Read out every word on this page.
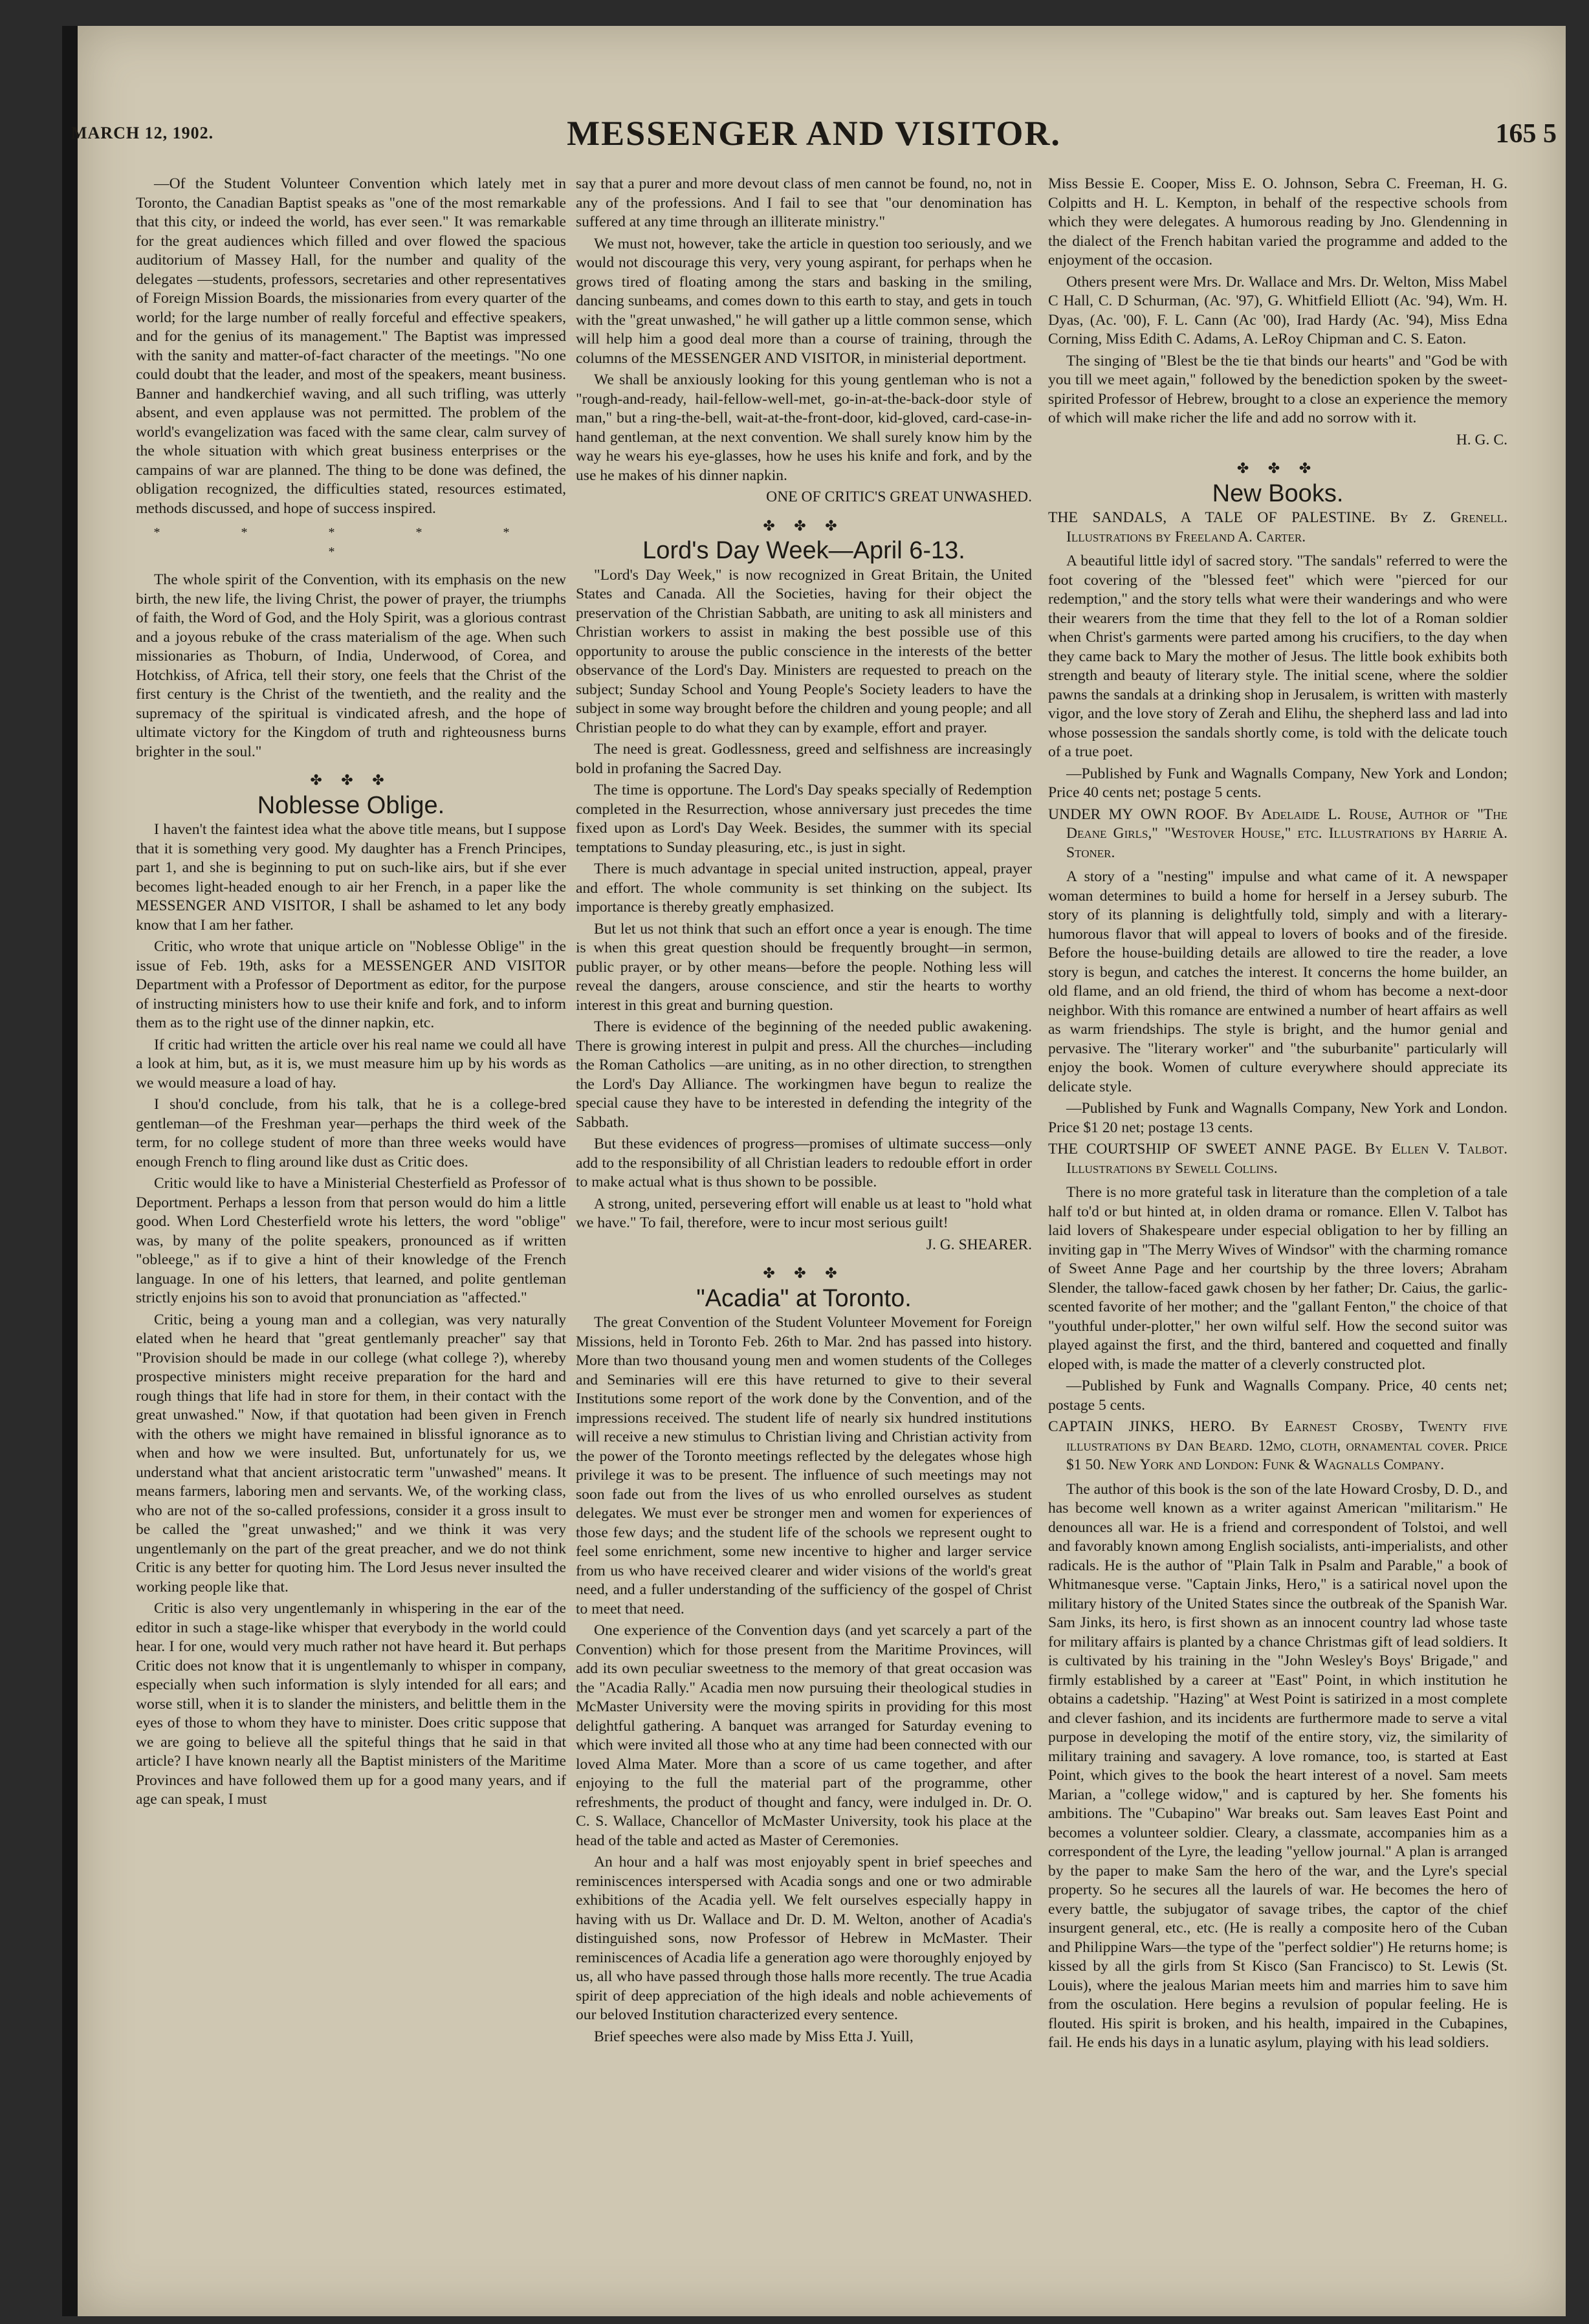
MARCH 12, 1902.	MESSENGER AND VISITOR.	165 5

—Of the Student Volunteer Convention which lately met in Toronto, the Canadian Baptist speaks as "one of the most remarkable that this city, or indeed the world, has ever seen." It was remarkable for the great audiences which filled and over flowed the spacious auditorium of Massey Hall, for the number and quality of the delegates —students, professors, secretaries and other representatives of Foreign Mission Boards, the missionaries from every quarter of the world; for the large number of really forceful and effective speakers, and for the genius of its management." The Baptist was impressed with the sanity and matter-of-fact character of the meetings. "No one could doubt that the leader, and most of the speakers, meant business. Banner and handkerchief waving, and all such trifling, was utterly absent, and even applause was not permitted. The problem of the world's evangelization was faced with the same clear, calm survey of the whole situation with which great business enterprises or the campains of war are planned. The thing to be done was defined, the obligation recognized, the difficulties stated, resources estimated, methods discussed, and hope of success inspired.

* * * * * *

The whole spirit of the Convention, with its emphasis on the new birth, the new life, the living Christ, the power of prayer, the triumphs of faith, the Word of God, and the Holy Spirit, was a glorious contrast and a joyous rebuke of the crass materialism of the age. When such missionaries as Thoburn, of India, Underwood, of Corea, and Hotchkiss, of Africa, tell their story, one feels that the Christ of the first century is the Christ of the twentieth, and the reality and the supremacy of the spiritual is vindicated afresh, and the hope of ultimate victory for the Kingdom of truth and righteousness burns brighter in the soul."

✤ ✤ ✤
Noblesse Oblige.

I haven't the faintest idea what the above title means, but I suppose that it is something very good. My daughter has a French Principes, part 1, and she is beginning to put on such-like airs, but if she ever becomes light-headed enough to air her French, in a paper like the MESSENGER AND VISITOR, I shall be ashamed to let any body know that I am her father.

Critic, who wrote that unique article on "Noblesse Oblige" in the issue of Feb. 19th, asks for a MESSENGER AND VISITOR Department with a Professor of Deportment as editor, for the purpose of instructing ministers how to use their knife and fork, and to inform them as to the right use of the dinner napkin, etc.

If critic had written the article over his real name we could all have a look at him, but, as it is, we must measure him up by his words as we would measure a load of hay.

I shou'd conclude, from his talk, that he is a college-bred gentleman—of the Freshman year—perhaps the third week of the term, for no college student of more than three weeks would have enough French to fling around like dust as Critic does.

Critic would like to have a Ministerial Chesterfield as Professor of Deportment. Perhaps a lesson from that person would do him a little good. When Lord Chesterfield wrote his letters, the word "oblige" was, by many of the polite speakers, pronounced as if written "obleege," as if to give a hint of their knowledge of the French language. In one of his letters, that learned, and polite gentleman strictly enjoins his son to avoid that pronunciation as "affected."

Critic, being a young man and a collegian, was very naturally elated when he heard that "great gentlemanly preacher" say that "Provision should be made in our college (what college ?), whereby prospective ministers might receive preparation for the hard and rough things that life had in store for them, in their contact with the great unwashed." Now, if that quotation had been given in French with the others we might have remained in blissful ignorance as to when and how we were insulted. But, unfortunately for us, we understand what that ancient aristocratic term "unwashed" means. It means farmers, laboring men and servants. We, of the working class, who are not of the so-called professions, consider it a gross insult to be called the "great unwashed;" and we think it was very ungentlemanly on the part of the great preacher, and we do not think Critic is any better for quoting him. The Lord Jesus never insulted the working people like that.

Critic is also very ungentlemanly in whispering in the ear of the editor in such a stage-like whisper that everybody in the world could hear. I for one, would very much rather not have heard it. But perhaps Critic does not know that it is ungentlemanly to whisper in company, especially when such information is slyly intended for all ears; and worse still, when it is to slander the ministers, and belittle them in the eyes of those to whom they have to minister. Does critic suppose that we are going to believe all the spiteful things that he said in that article? I have known nearly all the Baptist ministers of the Maritime Provinces and have followed them up for a good many years, and if age can speak, I must

say that a purer and more devout class of men cannot be found, no, not in any of the professions. And I fail to see that "our denomination has suffered at any time through an illiterate ministry."

We must not, however, take the article in question too seriously, and we would not discourage this very, very young aspirant, for perhaps when he grows tired of floating among the stars and basking in the smiling, dancing sunbeams, and comes down to this earth to stay, and gets in touch with the "great unwashed," he will gather up a little common sense, which will help him a good deal more than a course of training, through the columns of the MESSENGER AND VISITOR, in ministerial deportment.

We shall be anxiously looking for this young gentleman who is not a "rough-and-ready, hail-fellow-well-met, go-in-at-the-back-door style of man," but a ring-the-bell, wait-at-the-front-door, kid-gloved, card-case-in-hand gentleman, at the next convention. We shall surely know him by the way he wears his eye-glasses, how he uses his knife and fork, and by the use he makes of his dinner napkin.

ONE OF CRITIC'S GREAT UNWASHED.

✤ ✤ ✤
Lord's Day Week—April 6-13.

"Lord's Day Week," is now recognized in Great Britain, the United States and Canada. All the Societies, having for their object the preservation of the Christian Sabbath, are uniting to ask all ministers and Christian workers to assist in making the best possible use of this opportunity to arouse the public conscience in the interests of the better observance of the Lord's Day. Ministers are requested to preach on the subject; Sunday School and Young People's Society leaders to have the subject in some way brought before the children and young people; and all Christian people to do what they can by example, effort and prayer.

The need is great. Godlessness, greed and selfishness are increasingly bold in profaning the Sacred Day.

The time is opportune. The Lord's Day speaks specially of Redemption completed in the Resurrection, whose anniversary just precedes the time fixed upon as Lord's Day Week. Besides, the summer with its special temptations to Sunday pleasuring, etc., is just in sight.

There is much advantage in special united instruction, appeal, prayer and effort. The whole community is set thinking on the subject. Its importance is thereby greatly emphasized.

But let us not think that such an effort once a year is enough. The time is when this great question should be frequently brought—in sermon, public prayer, or by other means—before the people. Nothing less will reveal the dangers, arouse conscience, and stir the hearts to worthy interest in this great and burning question.

There is evidence of the beginning of the needed public awakening. There is growing interest in pulpit and press. All the churches—including the Roman Catholics —are uniting, as in no other direction, to strengthen the Lord's Day Alliance. The workingmen have begun to realize the special cause they have to be interested in defending the integrity of the Sabbath.

But these evidences of progress—promises of ultimate success—only add to the responsibility of all Christian leaders to redouble effort in order to make actual what is thus shown to be possible.

A strong, united, persevering effort will enable us at least to "hold what we have." To fail, therefore, were to incur most serious guilt!

J. G. SHEARER.

✤ ✤ ✤
"Acadia" at Toronto.

The great Convention of the Student Volunteer Movement for Foreign Missions, held in Toronto Feb. 26th to Mar. 2nd has passed into history. More than two thousand young men and women students of the Colleges and Seminaries will ere this have returned to give to their several Institutions some report of the work done by the Convention, and of the impressions received. The student life of nearly six hundred institutions will receive a new stimulus to Christian living and Christian activity from the power of the Toronto meetings reflected by the delegates whose high privilege it was to be present. The influence of such meetings may not soon fade out from the lives of us who enrolled ourselves as student delegates. We must ever be stronger men and women for experiences of those few days; and the student life of the schools we represent ought to feel some enrichment, some new incentive to higher and larger service from us who have received clearer and wider visions of the world's great need, and a fuller understanding of the sufficiency of the gospel of Christ to meet that need.

One experience of the Convention days (and yet scarcely a part of the Convention) which for those present from the Maritime Provinces, will add its own peculiar sweetness to the memory of that great occasion was the "Acadia Rally." Acadia men now pursuing their theological studies in McMaster University were the moving spirits in providing for this most delightful gathering. A banquet was arranged for Saturday evening to which were invited all those who at any time had been connected with our loved Alma Mater. More than a score of us came together, and after enjoying to the full the material part of the programme, other refreshments, the product of thought and fancy, were indulged in. Dr. O. C. S. Wallace, Chancellor of McMaster University, took his place at the head of the table and acted as Master of Ceremonies.

An hour and a half was most enjoyably spent in brief speeches and reminiscences interspersed with Acadia songs and one or two admirable exhibitions of the Acadia yell. We felt ourselves especially happy in having with us Dr. Wallace and Dr. D. M. Welton, another of Acadia's distinguished sons, now Professor of Hebrew in McMaster. Their reminiscences of Acadia life a generation ago were thoroughly enjoyed by us, all who have passed through those halls more recently. The true Acadia spirit of deep appreciation of the high ideals and noble achievements of our beloved Institution characterized every sentence.

Brief speeches were also made by Miss Etta J. Yuill,

Miss Bessie E. Cooper, Miss E. O. Johnson, Sebra C. Freeman, H. G. Colpitts and H. L. Kempton, in behalf of the respective schools from which they were delegates. A humorous reading by Jno. Glendenning in the dialect of the French habitan varied the programme and added to the enjoyment of the occasion.

Others present were Mrs. Dr. Wallace and Mrs. Dr. Welton, Miss Mabel C Hall, C. D Schurman, (Ac. '97), G. Whitfield Elliott (Ac. '94), Wm. H. Dyas, (Ac. '00), F. L. Cann (Ac '00), Irad Hardy (Ac. '94), Miss Edna Corning, Miss Edith C. Adams, A. LeRoy Chipman and C. S. Eaton.

The singing of "Blest be the tie that binds our hearts" and "God be with you till we meet again," followed by the benediction spoken by the sweet-spirited Professor of Hebrew, brought to a close an experience the memory of which will make richer the life and add no sorrow with it.

H. G. C.

✤ ✤ ✤
New Books.

THE SANDALS, A TALE OF PALESTINE. By Z. Grenell. Illustrations by Freeland A. Carter.

A beautiful little idyl of sacred story. "The sandals" referred to were the foot covering of the "blessed feet" which were "pierced for our redemption," and the story tells what were their wanderings and who were their wearers from the time that they fell to the lot of a Roman soldier when Christ's garments were parted among his crucifiers, to the day when they came back to Mary the mother of Jesus. The little book exhibits both strength and beauty of literary style. The initial scene, where the soldier pawns the sandals at a drinking shop in Jerusalem, is written with masterly vigor, and the love story of Zerah and Elihu, the shepherd lass and lad into whose possession the sandals shortly come, is told with the delicate touch of a true poet.

—Published by Funk and Wagnalls Company, New York and London; Price 40 cents net; postage 5 cents.

UNDER MY OWN ROOF. By Adelaide L. Rouse, Author of "The Deane Girls," "Westover House," etc. Illustrations by Harrie A. Stoner.

A story of a "nesting" impulse and what came of it. A newspaper woman determines to build a home for herself in a Jersey suburb. The story of its planning is delightfully told, simply and with a literary-humorous flavor that will appeal to lovers of books and of the fireside. Before the house-building details are allowed to tire the reader, a love story is begun, and catches the interest. It concerns the home builder, an old flame, and an old friend, the third of whom has become a next-door neighbor. With this romance are entwined a number of heart affairs as well as warm friendships. The style is bright, and the humor genial and pervasive. The "literary worker" and "the suburbanite" particularly will enjoy the book. Women of culture everywhere should appreciate its delicate style.

—Published by Funk and Wagnalls Company, New York and London. Price $1 20 net; postage 13 cents.

THE COURTSHIP OF SWEET ANNE PAGE. By Ellen V. Talbot. Illustrations by Sewell Collins.

There is no more grateful task in literature than the completion of a tale half to'd or but hinted at, in olden drama or romance. Ellen V. Talbot has laid lovers of Shakespeare under especial obligation to her by filling an inviting gap in "The Merry Wives of Windsor" with the charming romance of Sweet Anne Page and her courtship by the three lovers; Abraham Slender, the tallow-faced gawk chosen by her father; Dr. Caius, the garlic-scented favorite of her mother; and the "gallant Fenton," the choice of that "youthful under-plotter," her own wilful self. How the second suitor was played against the first, and the third, bantered and coquetted and finally eloped with, is made the matter of a cleverly constructed plot.

—Published by Funk and Wagnalls Company. Price, 40 cents net; postage 5 cents.

CAPTAIN JINKS, HERO. By Earnest Crosby, Twenty five illustrations by Dan Beard. 12mo, cloth, ornamental cover. Price $1 50. New York and London: Funk & Wagnalls Company.

The author of this book is the son of the late Howard Crosby, D. D., and has become well known as a writer against American "militarism." He denounces all war. He is a friend and correspondent of Tolstoi, and well and favorably known among English socialists, anti-imperialists, and other radicals. He is the author of "Plain Talk in Psalm and Parable," a book of Whitmanesque verse. "Captain Jinks, Hero," is a satirical novel upon the military history of the United States since the outbreak of the Spanish War. Sam Jinks, its hero, is first shown as an innocent country lad whose taste for military affairs is planted by a chance Christmas gift of lead soldiers. It is cultivated by his training in the "John Wesley's Boys' Brigade," and firmly established by a career at "East" Point, in which institution he obtains a cadetship. "Hazing" at West Point is satirized in a most complete and clever fashion, and its incidents are furthermore made to serve a vital purpose in developing the motif of the entire story, viz, the similarity of military training and savagery. A love romance, too, is started at East Point, which gives to the book the heart interest of a novel. Sam meets Marian, a "college widow," and is captured by her. She foments his ambitions. The "Cubapino" War breaks out. Sam leaves East Point and becomes a volunteer soldier. Cleary, a classmate, accompanies him as a correspondent of the Lyre, the leading "yellow journal." A plan is arranged by the paper to make Sam the hero of the war, and the Lyre's special property. So he secures all the laurels of war. He becomes the hero of every battle, the subjugator of savage tribes, the captor of the chief insurgent general, etc., etc. (He is really a composite hero of the Cuban and Philippine Wars—the type of the "perfect soldier") He returns home; is kissed by all the girls from St Kisco (San Francisco) to St. Lewis (St. Louis), where the jealous Marian meets him and marries him to save him from the osculation. Here begins a revulsion of popular feeling. He is flouted. His spirit is broken, and his health, impaired in the Cubapines, fail. He ends his days in a lunatic asylum, playing with his lead soldiers.
